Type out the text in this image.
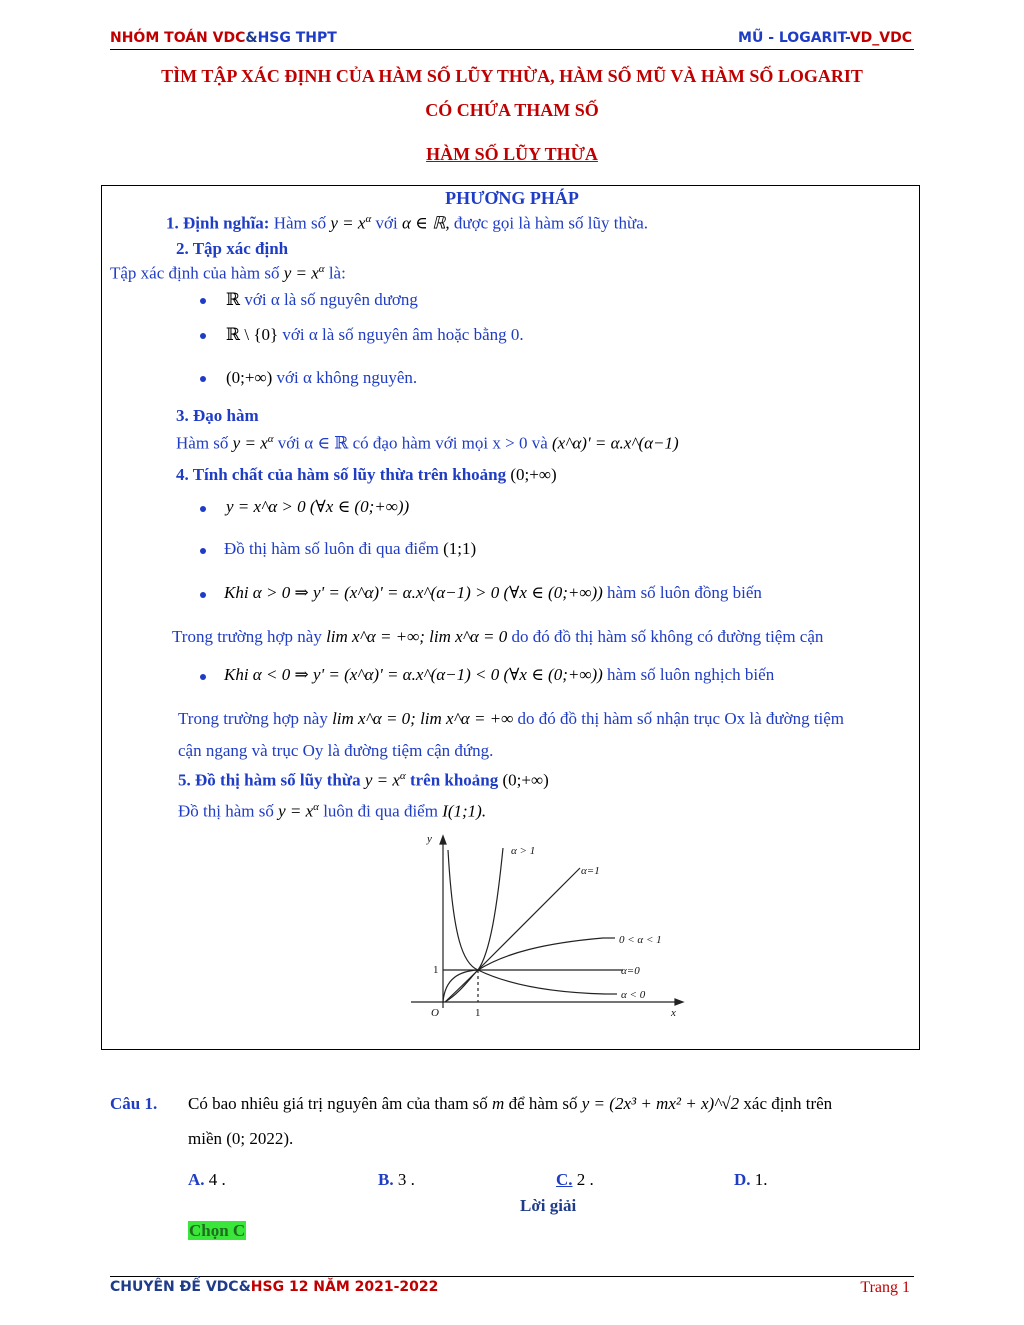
NHÓM TOÁN VDC&HSG THPT	MŨ - LOGARIT-VD_VDC
TÌM TẬP XÁC ĐỊNH CỦA HÀM SỐ LŨY THỪA, HÀM SỐ MŨ VÀ HÀM SỐ LOGARIT
CÓ CHỨA THAM SỐ
HÀM SỐ LŨY THỪA
PHƯƠNG PHÁP
1. Định nghĩa: Hàm số $y = x^\alpha$ với α ∈ ℝ, được gọi là hàm số lũy thừa.
2. Tập xác định
Tập xác định của hàm số $y = x^\alpha$ là:
ℝ với α là số nguyên dương
ℝ \ {0} với α là số nguyên âm hoặc bằng 0.
(0;+∞) với α không nguyên.
3. Đạo hàm
Hàm số $y = x^\alpha$ với α ∈ ℝ có đạo hàm với mọi x > 0 và (x^α)' = α.x^(α−1)
4. Tính chất của hàm số lũy thừa trên khoảng (0;+∞)
y = x^α > 0 (∀x ∈ (0;+∞))
Đồ thị hàm số luôn đi qua điểm (1;1)
Khi α > 0 ⇒ y' = (x^α)' = α.x^(α−1) > 0 (∀x ∈ (0;+∞)) hàm số luôn đồng biến
Trong trường hợp này lim x^α = +∞; lim x^α = 0 do đó đồ thị hàm số không có đường tiệm cận
Khi α < 0 ⇒ y' = (x^α)' = α.x^(α−1) < 0 (∀x ∈ (0;+∞)) hàm số luôn nghịch biến
Trong trường hợp này lim x^α = 0; lim x^α = +∞ do đó đồ thị hàm số nhận trục Ox là đường tiệm
cận ngang và trục Oy là đường tiệm cận đứng.
5. Đồ thị hàm số lũy thừa $y = x^\alpha$ trên khoảng (0;+∞)
Đồ thị hàm số $y = x^\alpha$ luôn đi qua điểm I(1;1).
y
x
O	1
1
α > 1
α=1
0 < α < 1
α=0
α < 0
Câu 1. Có bao nhiêu giá trị nguyên âm của tham số m để hàm số y = (2x³ + mx² + x)^√2 xác định trên
miền (0; 2022).
A. 4 .	B. 3 .	C. 2 .	D. 1.
Lời giải
Chọn C
CHUYÊN ĐỀ VDC&HSG 12 NĂM 2021-2022	Trang 1
